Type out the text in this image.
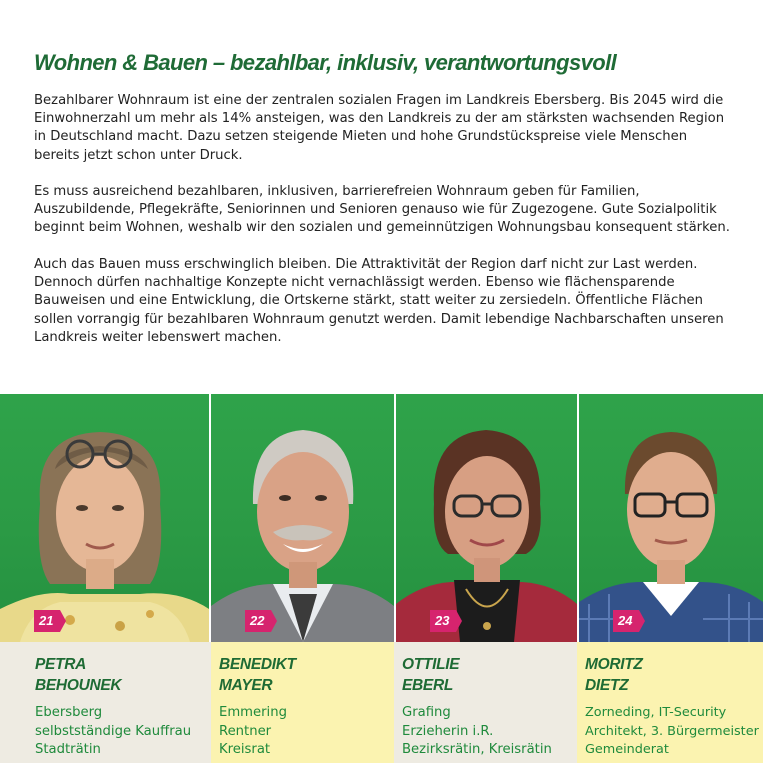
Wohnen & Bauen – bezahlbar, inklusiv, verantwortungsvoll

Bezahlbarer Wohnraum ist eine der zentralen sozialen Fragen im Landkreis Ebersberg. Bis 2045 wird die Einwohnerzahl um mehr als 14% ansteigen, was den Landkreis zu der am stärksten wachsenden Region in Deutschland macht. Dazu setzen steigende Mieten und hohe Grundstückspreise viele Menschen bereits jetzt schon unter Druck.

Es muss ausreichend bezahlbaren, inklusiven, barrierefreien Wohnraum geben für Familien, Auszubildende, Pflegekräfte, Seniorinnen und Senioren genauso wie für Zugezogene. Gute Sozialpolitik beginnt beim Wohnen, weshalb wir den sozialen und gemeinnützigen Wohnungsbau konsequent stärken.

Auch das Bauen muss erschwinglich bleiben. Die Attraktivität der Region darf nicht zur Last werden. Dennoch dürfen nachhaltige Konzepte nicht vernachlässigt werden. Ebenso wie flächensparende Bauweisen und eine Entwicklung, die Ortskerne stärkt, statt weiter zu zersiedeln. Öffentliche Flächen sollen vorrangig für bezahlbaren Wohnraum genutzt werden. Damit lebendige Nachbarschaften unseren Landkreis weiter lebenswert machen.

21	22	23	24

PETRA

BEHOUNEK

Ebersberg
selbstständige Kauffrau
Stadträtin

BENEDIKT

MAYER

Emmering
Rentner
Kreisrat

OTTILIE

EBERL

Grafing
Erzieherin i.R.
Bezirksrätin, Kreisrätin

MORITZ

DIETZ

Zorneding, IT-Security
Architekt, 3. Bürgermeister
Gemeinderat
